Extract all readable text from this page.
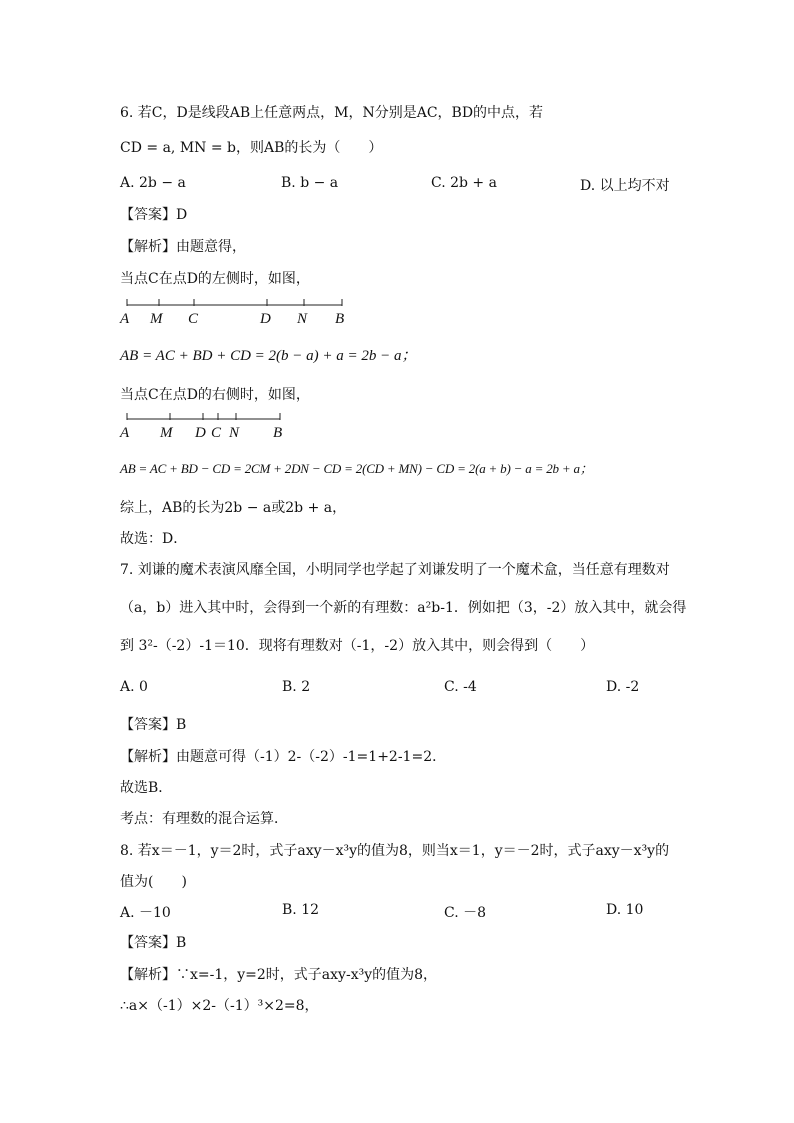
6. 若C，D是线段AB上任意两点，M，N分别是AC，BD的中点，若
CD = a, MN = b，则AB的长为（　　）
A. 2b − a	B. b − a	C. 2b + a	D. 以上均不对
【答案】D
【解析】由题意得，
当点C在点D的左侧时，如图，
A M C	D N B
AB = AC + BD + CD = 2(b − a) + a = 2b − a；
当点C在点D的右侧时，如图，
A M D C N B
AB = AC + BD − CD = 2CM + 2DN − CD = 2(CD + MN) − CD = 2(a + b) − a = 2b + a；
综上，AB的长为2b − a或2b + a，
故选：D．
7. 刘谦的魔术表演风靡全国，小明同学也学起了刘谦发明了一个魔术盒，当任意有理数对
（a，b）进入其中时，会得到一个新的有理数：a²b-1．例如把（3，-2）放入其中，就会得
到 3²-（-2）-1＝10．现将有理数对（-1，-2）放入其中，则会得到（　　）
A. 0	B. 2	C. -4	D. -2
【答案】B
【解析】由题意可得（-1）2-（-2）-1=1+2-1=2．
故选B．
考点：有理数的混合运算．
8. 若x＝－1，y＝2时，式子axy－x³y的值为8，则当x＝1，y＝－2时，式子axy－x³y的
值为(　　)
A. －10	B. 12	C. －8	D. 10
【答案】B
【解析】∵x=-1，y=2时，式子axy-x³y的值为8，
∴a×（-1）×2-（-1）³×2=8，
